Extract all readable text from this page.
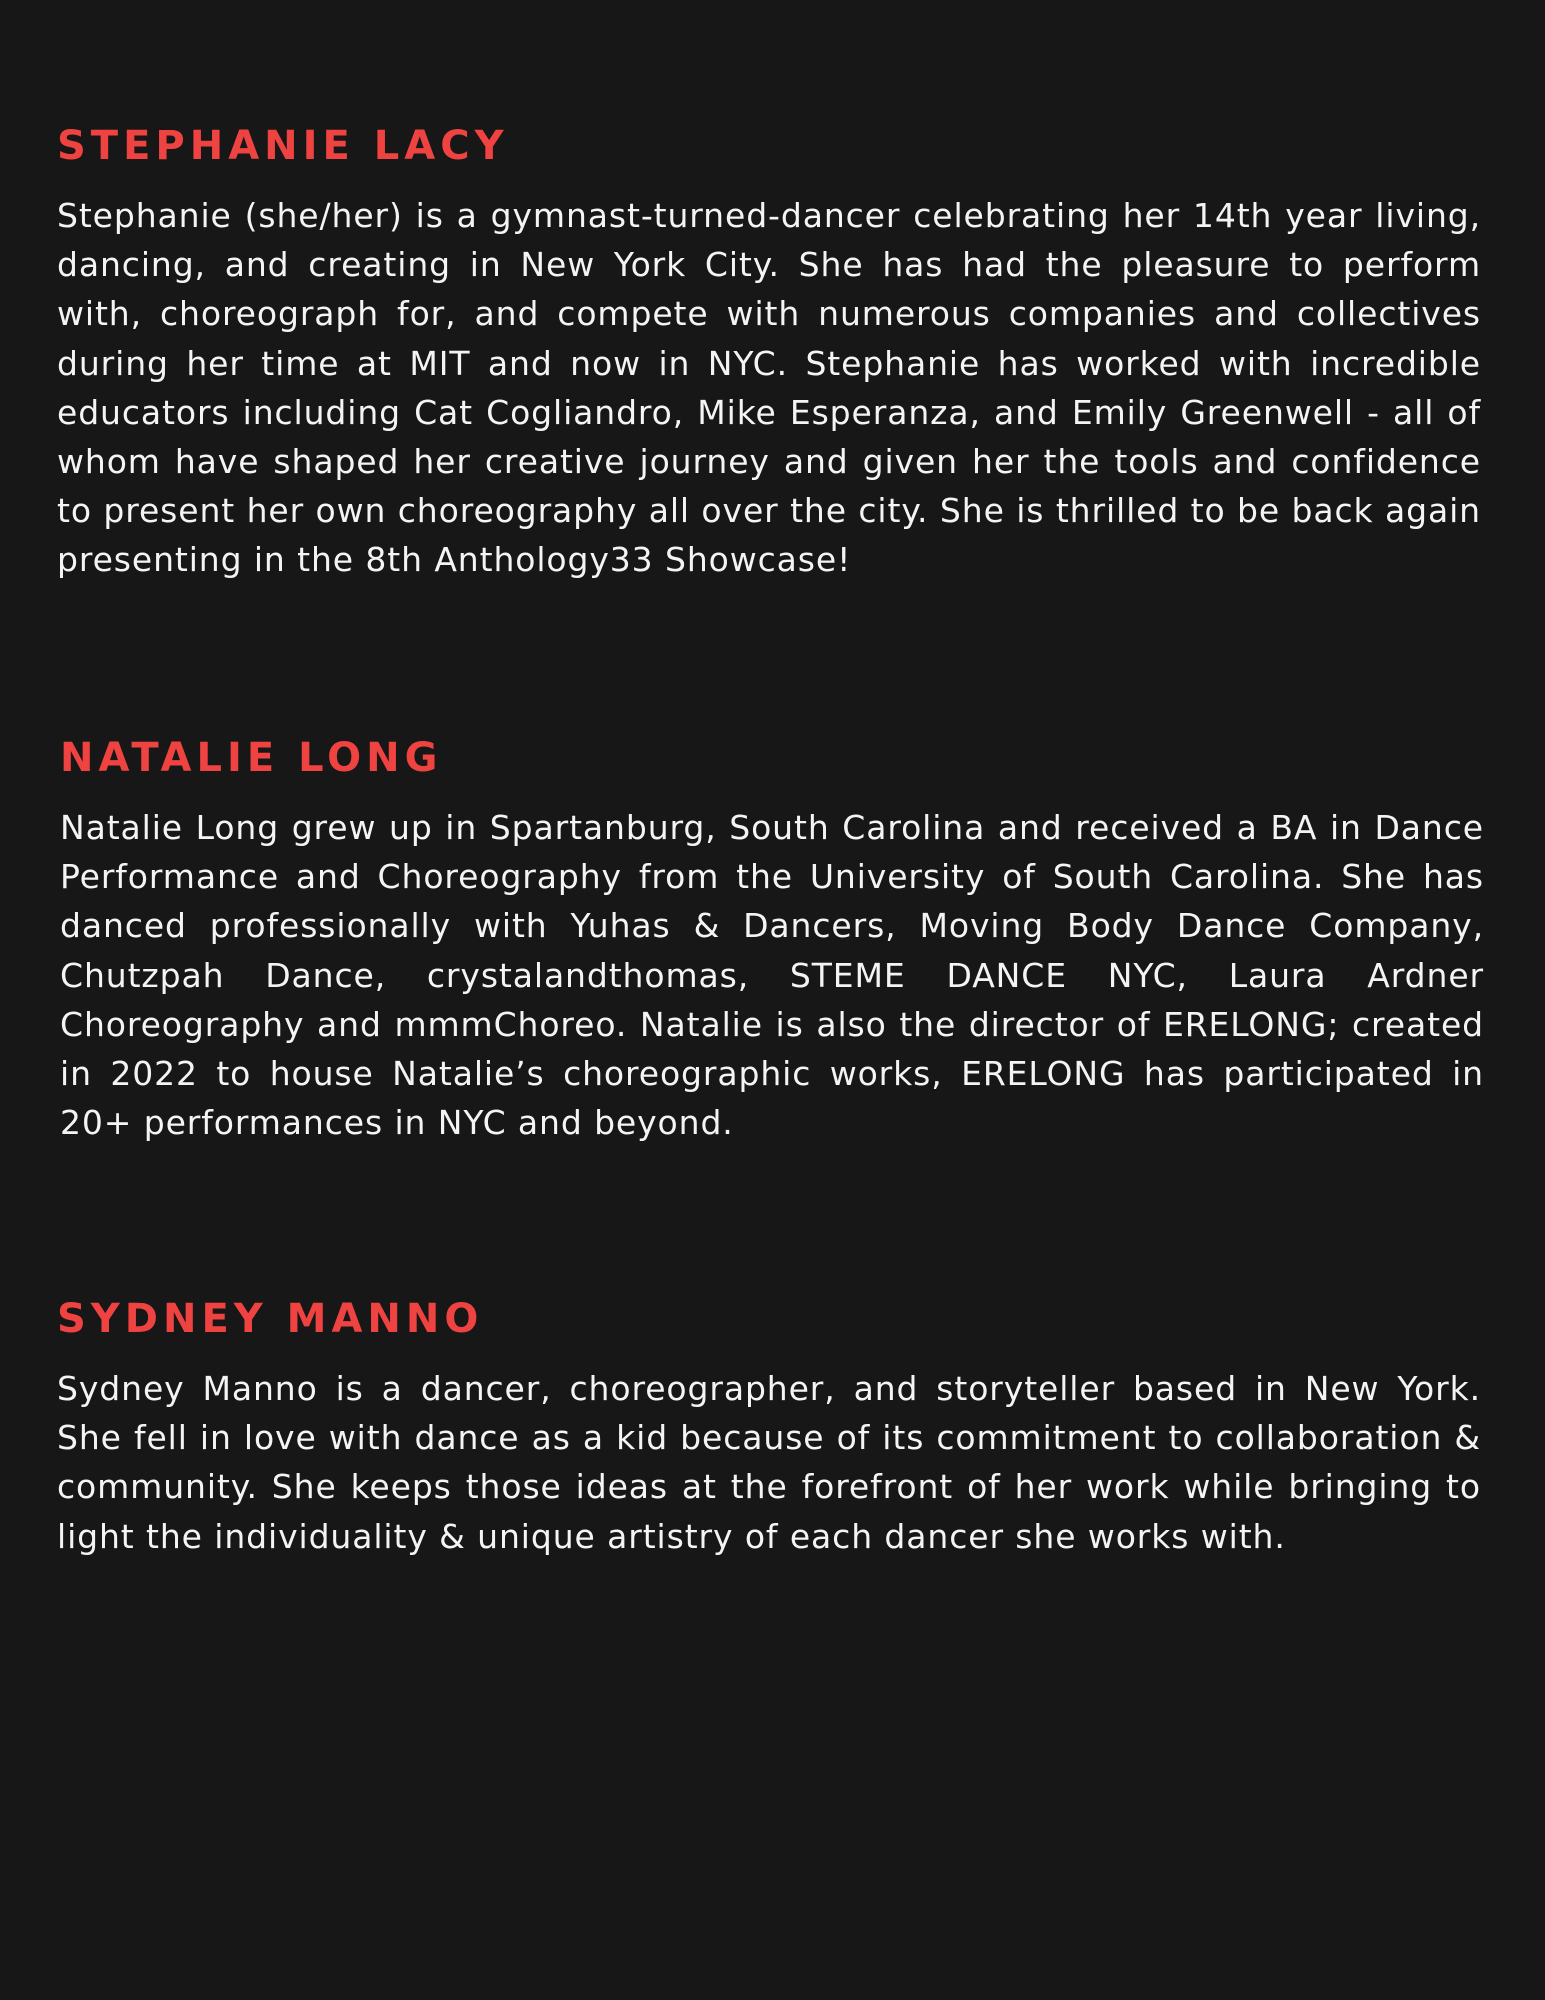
STEPHANIE LACY

Stephanie (she/her) is a gymnast-turned-dancer celebrating her 14th year living, dancing, and creating in New York City. She has had the pleasure to perform with, choreograph for, and compete with numerous companies and collectives during her time at MIT and now in NYC. Stephanie has worked with incredible educators including Cat Cogliandro, Mike Esperanza, and Emily Greenwell - all of whom have shaped her creative journey and given her the tools and confidence to present her own choreography all over the city. She is thrilled to be back again presenting in the 8th Anthology33 Showcase!

NATALIE LONG

Natalie Long grew up in Spartanburg, South Carolina and received a BA in Dance Performance and Choreography from the University of South Carolina. She has danced professionally with Yuhas & Dancers, Moving Body Dance Company, Chutzpah Dance, crystalandthomas, STEME DANCE NYC, Laura Ardner Choreography and mmmChoreo. Natalie is also the director of ERELONG; created in 2022 to house Natalie’s choreographic works, ERELONG has participated in 20+ performances in NYC and beyond.

SYDNEY MANNO

Sydney Manno is a dancer, choreographer, and storyteller based in New York. She fell in love with dance as a kid because of its commitment to collaboration & community. She keeps those ideas at the forefront of her work while bringing to light the individuality & unique artistry of each dancer she works with.
